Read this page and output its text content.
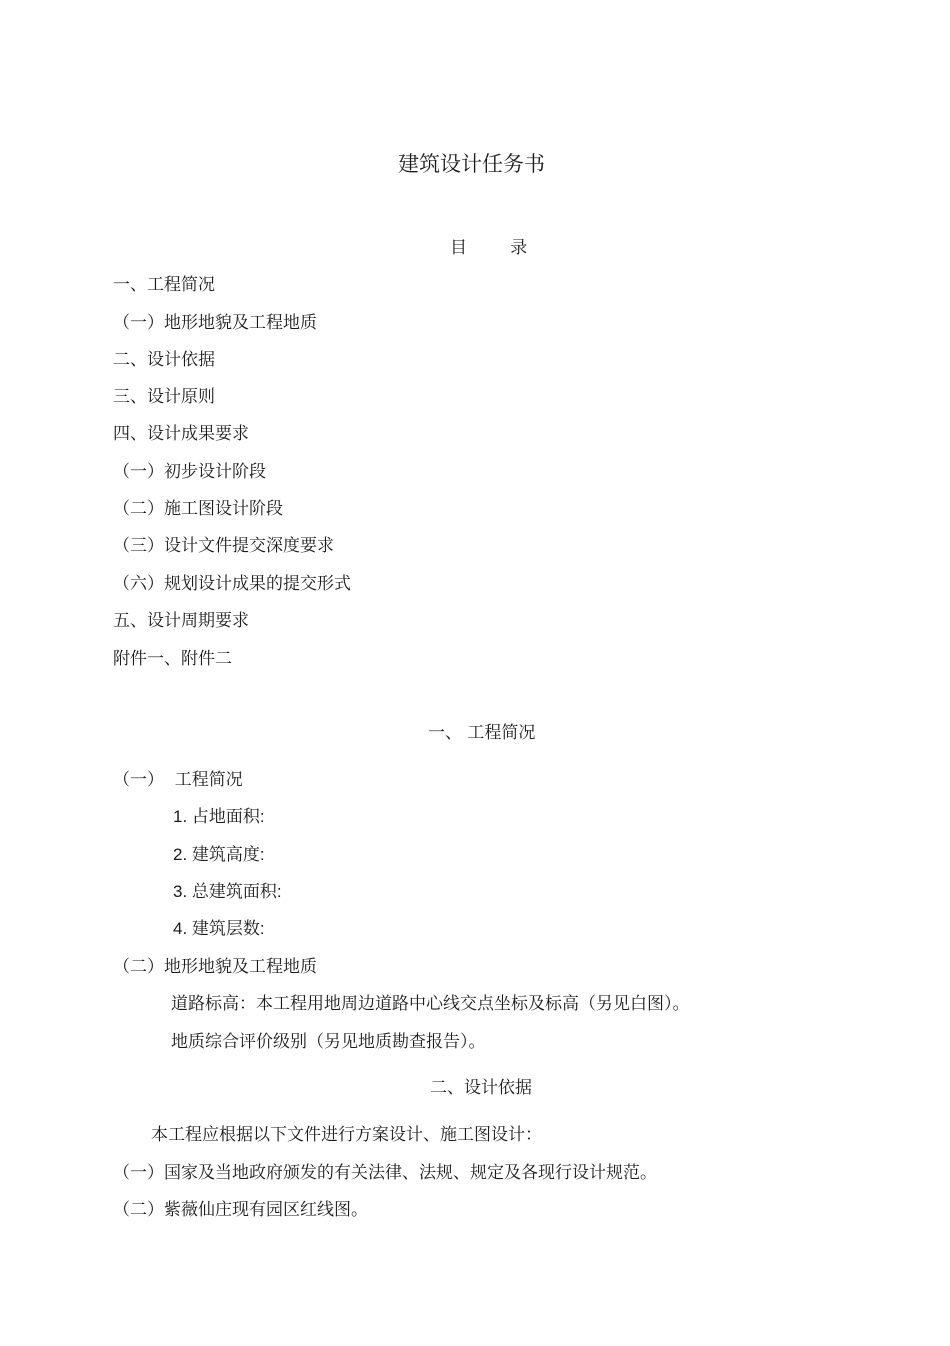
建筑设计任务书
目        录
一、工程简况
（一）地形地貌及工程地质
二、设计依据
三、设计原则
四、设计成果要求
（一）初步设计阶段
（二）施工图设计阶段
（三）设计文件提交深度要求
（六）规划设计成果的提交形式
五、设计周期要求
附件一、附件二
一、 工程简况
（一）  工程简况
1. 占地面积:
2. 建筑高度:
3. 总建筑面积:
4. 建筑层数:
（二）地形地貌及工程地质
道路标高：本工程用地周边道路中心线交点坐标及标高（另见白图）。
地质综合评价级别（另见地质勘查报告）。
二、设计依据
本工程应根据以下文件进行方案设计、施工图设计：
（一）国家及当地政府颁发的有关法律、法规、规定及各现行设计规范。
（二）紫薇仙庄现有园区红线图。
